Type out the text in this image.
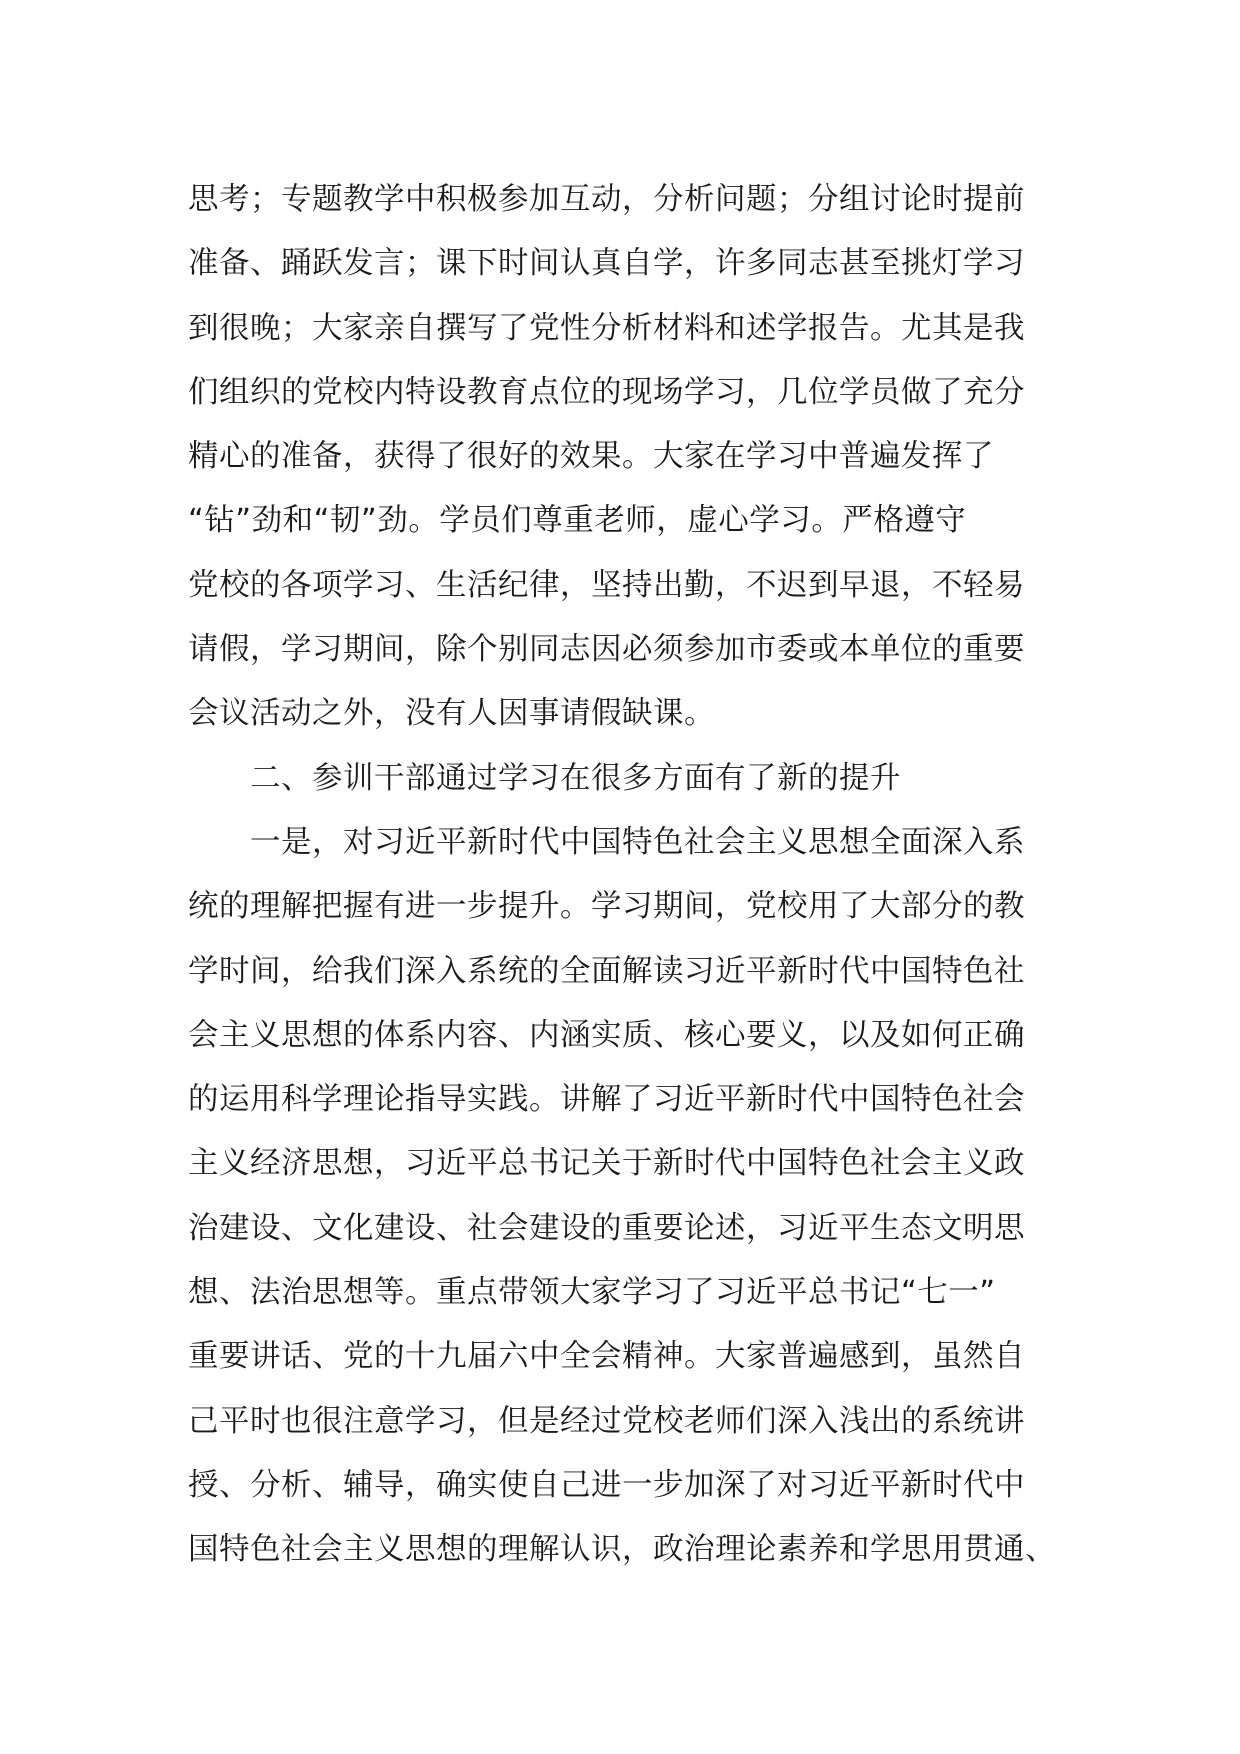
思考；专题教学中积极参加互动，分析问题；分组讨论时提前
准备、踊跃发言；课下时间认真自学，许多同志甚至挑灯学习
到很晚；大家亲自撰写了党性分析材料和述学报告。尤其是我
们组织的党校内特设教育点位的现场学习，几位学员做了充分
精心的准备，获得了很好的效果。大家在学习中普遍发挥了
“钻”劲和“韧”劲。学员们尊重老师，虚心学习。严格遵守
党校的各项学习、生活纪律，坚持出勤，不迟到早退，不轻易
请假，学习期间，除个别同志因必须参加市委或本单位的重要
会议活动之外，没有人因事请假缺课。
二、参训干部通过学习在很多方面有了新的提升
一是，对习近平新时代中国特色社会主义思想全面深入系
统的理解把握有进一步提升。学习期间，党校用了大部分的教
学时间，给我们深入系统的全面解读习近平新时代中国特色社
会主义思想的体系内容、内涵实质、核心要义，以及如何正确
的运用科学理论指导实践。讲解了习近平新时代中国特色社会
主义经济思想，习近平总书记关于新时代中国特色社会主义政
治建设、文化建设、社会建设的重要论述，习近平生态文明思
想、法治思想等。重点带领大家学习了习近平总书记“七一”
重要讲话、党的十九届六中全会精神。大家普遍感到，虽然自
己平时也很注意学习，但是经过党校老师们深入浅出的系统讲
授、分析、辅导，确实使自己进一步加深了对习近平新时代中
国特色社会主义思想的理解认识，政治理论素养和学思用贯通、
